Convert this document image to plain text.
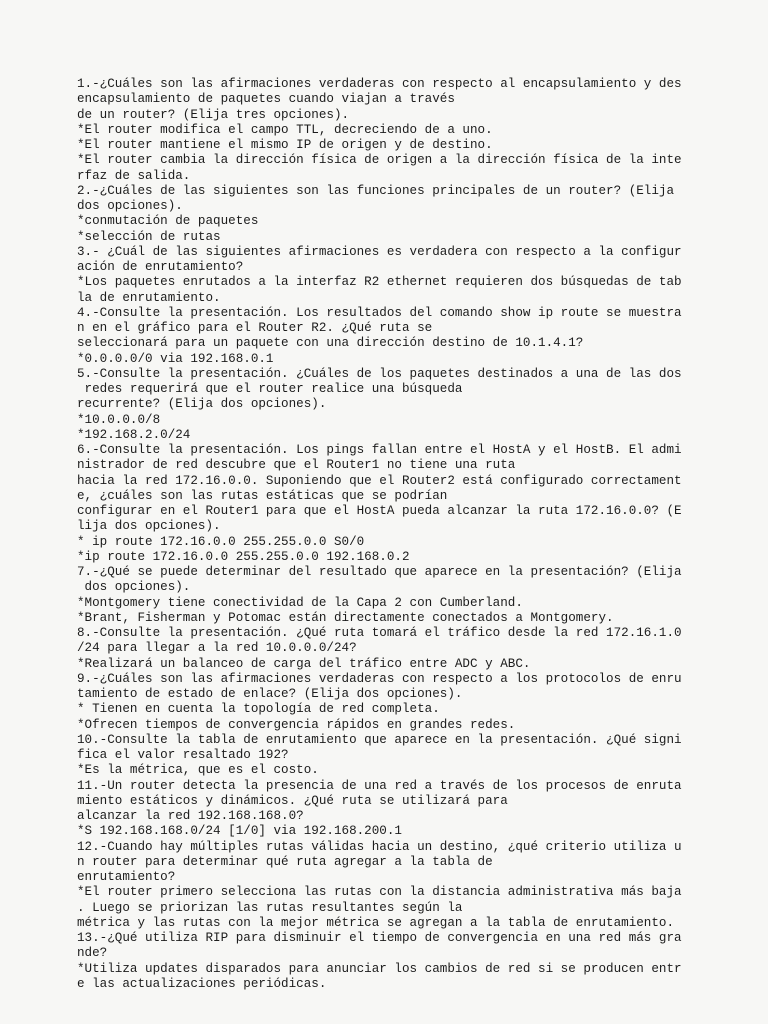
1.-¿Cuáles son las afirmaciones verdaderas con respecto al encapsulamiento y des
encapsulamiento de paquetes cuando viajan a través
de un router? (Elija tres opciones).
*El router modifica el campo TTL, decreciendo de a uno.
*El router mantiene el mismo IP de origen y de destino.
*El router cambia la dirección física de origen a la dirección física de la inte
rfaz de salida.
2.-¿Cuáles de las siguientes son las funciones principales de un router? (Elija
dos opciones).
*conmutación de paquetes
*selección de rutas
3.- ¿Cuál de las siguientes afirmaciones es verdadera con respecto a la configur
ación de enrutamiento?
*Los paquetes enrutados a la interfaz R2 ethernet requieren dos búsquedas de tab
la de enrutamiento.
4.-Consulte la presentación. Los resultados del comando show ip route se muestra
n en el gráfico para el Router R2. ¿Qué ruta se
seleccionará para un paquete con una dirección destino de 10.1.4.1?
*0.0.0.0/0 via 192.168.0.1
5.-Consulte la presentación. ¿Cuáles de los paquetes destinados a una de las dos
redes requerirá que el router realice una búsqueda
recurrente? (Elija dos opciones).
*10.0.0.0/8
*192.168.2.0/24
6.-Consulte la presentación. Los pings fallan entre el HostA y el HostB. El admi
nistrador de red descubre que el Router1 no tiene una ruta
hacia la red 172.16.0.0. Suponiendo que el Router2 está configurado correctament
e, ¿cuáles son las rutas estáticas que se podrían
configurar en el Router1 para que el HostA pueda alcanzar la ruta 172.16.0.0? (E
lija dos opciones).
* ip route 172.16.0.0 255.255.0.0 S0/0
*ip route 172.16.0.0 255.255.0.0 192.168.0.2
7.-¿Qué se puede determinar del resultado que aparece en la presentación? (Elija
dos opciones).
*Montgomery tiene conectividad de la Capa 2 con Cumberland.
*Brant, Fisherman y Potomac están directamente conectados a Montgomery.
8.-Consulte la presentación. ¿Qué ruta tomará el tráfico desde la red 172.16.1.0
/24 para llegar a la red 10.0.0.0/24?
*Realizará un balanceo de carga del tráfico entre ADC y ABC.
9.-¿Cuáles son las afirmaciones verdaderas con respecto a los protocolos de enru
tamiento de estado de enlace? (Elija dos opciones).
* Tienen en cuenta la topología de red completa.
*Ofrecen tiempos de convergencia rápidos en grandes redes.
10.-Consulte la tabla de enrutamiento que aparece en la presentación. ¿Qué signi
fica el valor resaltado 192?
*Es la métrica, que es el costo.
11.-Un router detecta la presencia de una red a través de los procesos de enruta
miento estáticos y dinámicos. ¿Qué ruta se utilizará para
alcanzar la red 192.168.168.0?
*S 192.168.168.0/24 [1/0] via 192.168.200.1
12.-Cuando hay múltiples rutas válidas hacia un destino, ¿qué criterio utiliza u
n router para determinar qué ruta agregar a la tabla de
enrutamiento?
*El router primero selecciona las rutas con la distancia administrativa más baja
. Luego se priorizan las rutas resultantes según la
métrica y las rutas con la mejor métrica se agregan a la tabla de enrutamiento.
13.-¿Qué utiliza RIP para disminuir el tiempo de convergencia en una red más gra
nde?
*Utiliza updates disparados para anunciar los cambios de red si se producen entr
e las actualizaciones periódicas.
